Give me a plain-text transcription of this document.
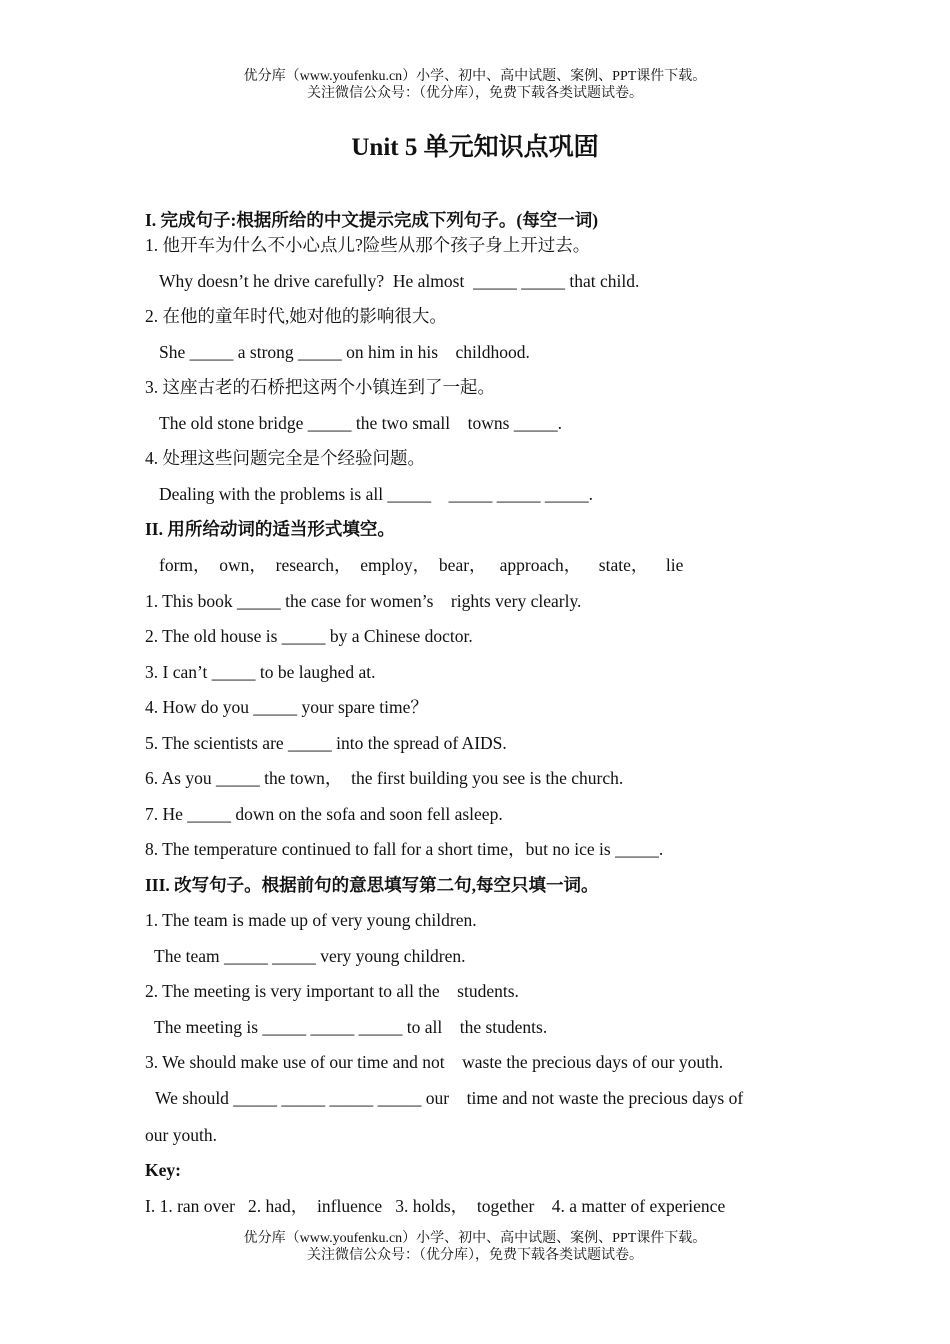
优分库（www.youfenku.cn）小学、初中、高中试题、案例、PPT课件下载。
关注微信公众号：（优分库），免费下载各类试题试卷。
Unit 5 单元知识点巩固
I. 完成句子:根据所给的中文提示完成下列句子。(每空一词)
1. 他开车为什么不小心点儿?险些从那个孩子身上开过去。
Why doesn’t he drive carefully?  He almost  _____ _____ that child.
2. 在他的童年时代,她对他的影响很大。
She _____ a strong _____ on him in his    childhood.
3. 这座古老的石桥把这两个小镇连到了一起。
The old stone bridge _____ the two small    towns _____.
4. 处理这些问题完全是个经验问题。
Dealing with the problems is all _____    _____ _____ _____.
II. 用所给动词的适当形式填空。
form，  own，  research，  employ，  bear，   approach，    state，    lie
1. This book _____ the case for women’s    rights very clearly.
2. The old house is _____ by a Chinese doctor.
3. I can’t _____ to be laughed at.
4. How do you _____ your spare time？
5. The scientists are _____ into the spread of AIDS.
6. As you _____ the town，  the first building you see is the church.
7. He _____ down on the sofa and soon fell asleep.
8. The temperature continued to fall for a short time，but no ice is _____.
III. 改写句子。根据前句的意思填写第二句,每空只填一词。
1. The team is made up of very young children.
The team _____ _____ very young children.
2. The meeting is very important to all the    students.
The meeting is _____ _____ _____ to all    the students.
3. We should make use of our time and not    waste the precious days of our youth.
We should _____ _____ _____ _____ our    time and not waste the precious days of
our youth.
Key:
I. 1. ran over   2. had，  influence   3. holds，  together    4. a matter of experience
优分库（www.youfenku.cn）小学、初中、高中试题、案例、PPT课件下载。
关注微信公众号：（优分库），免费下载各类试题试卷。
